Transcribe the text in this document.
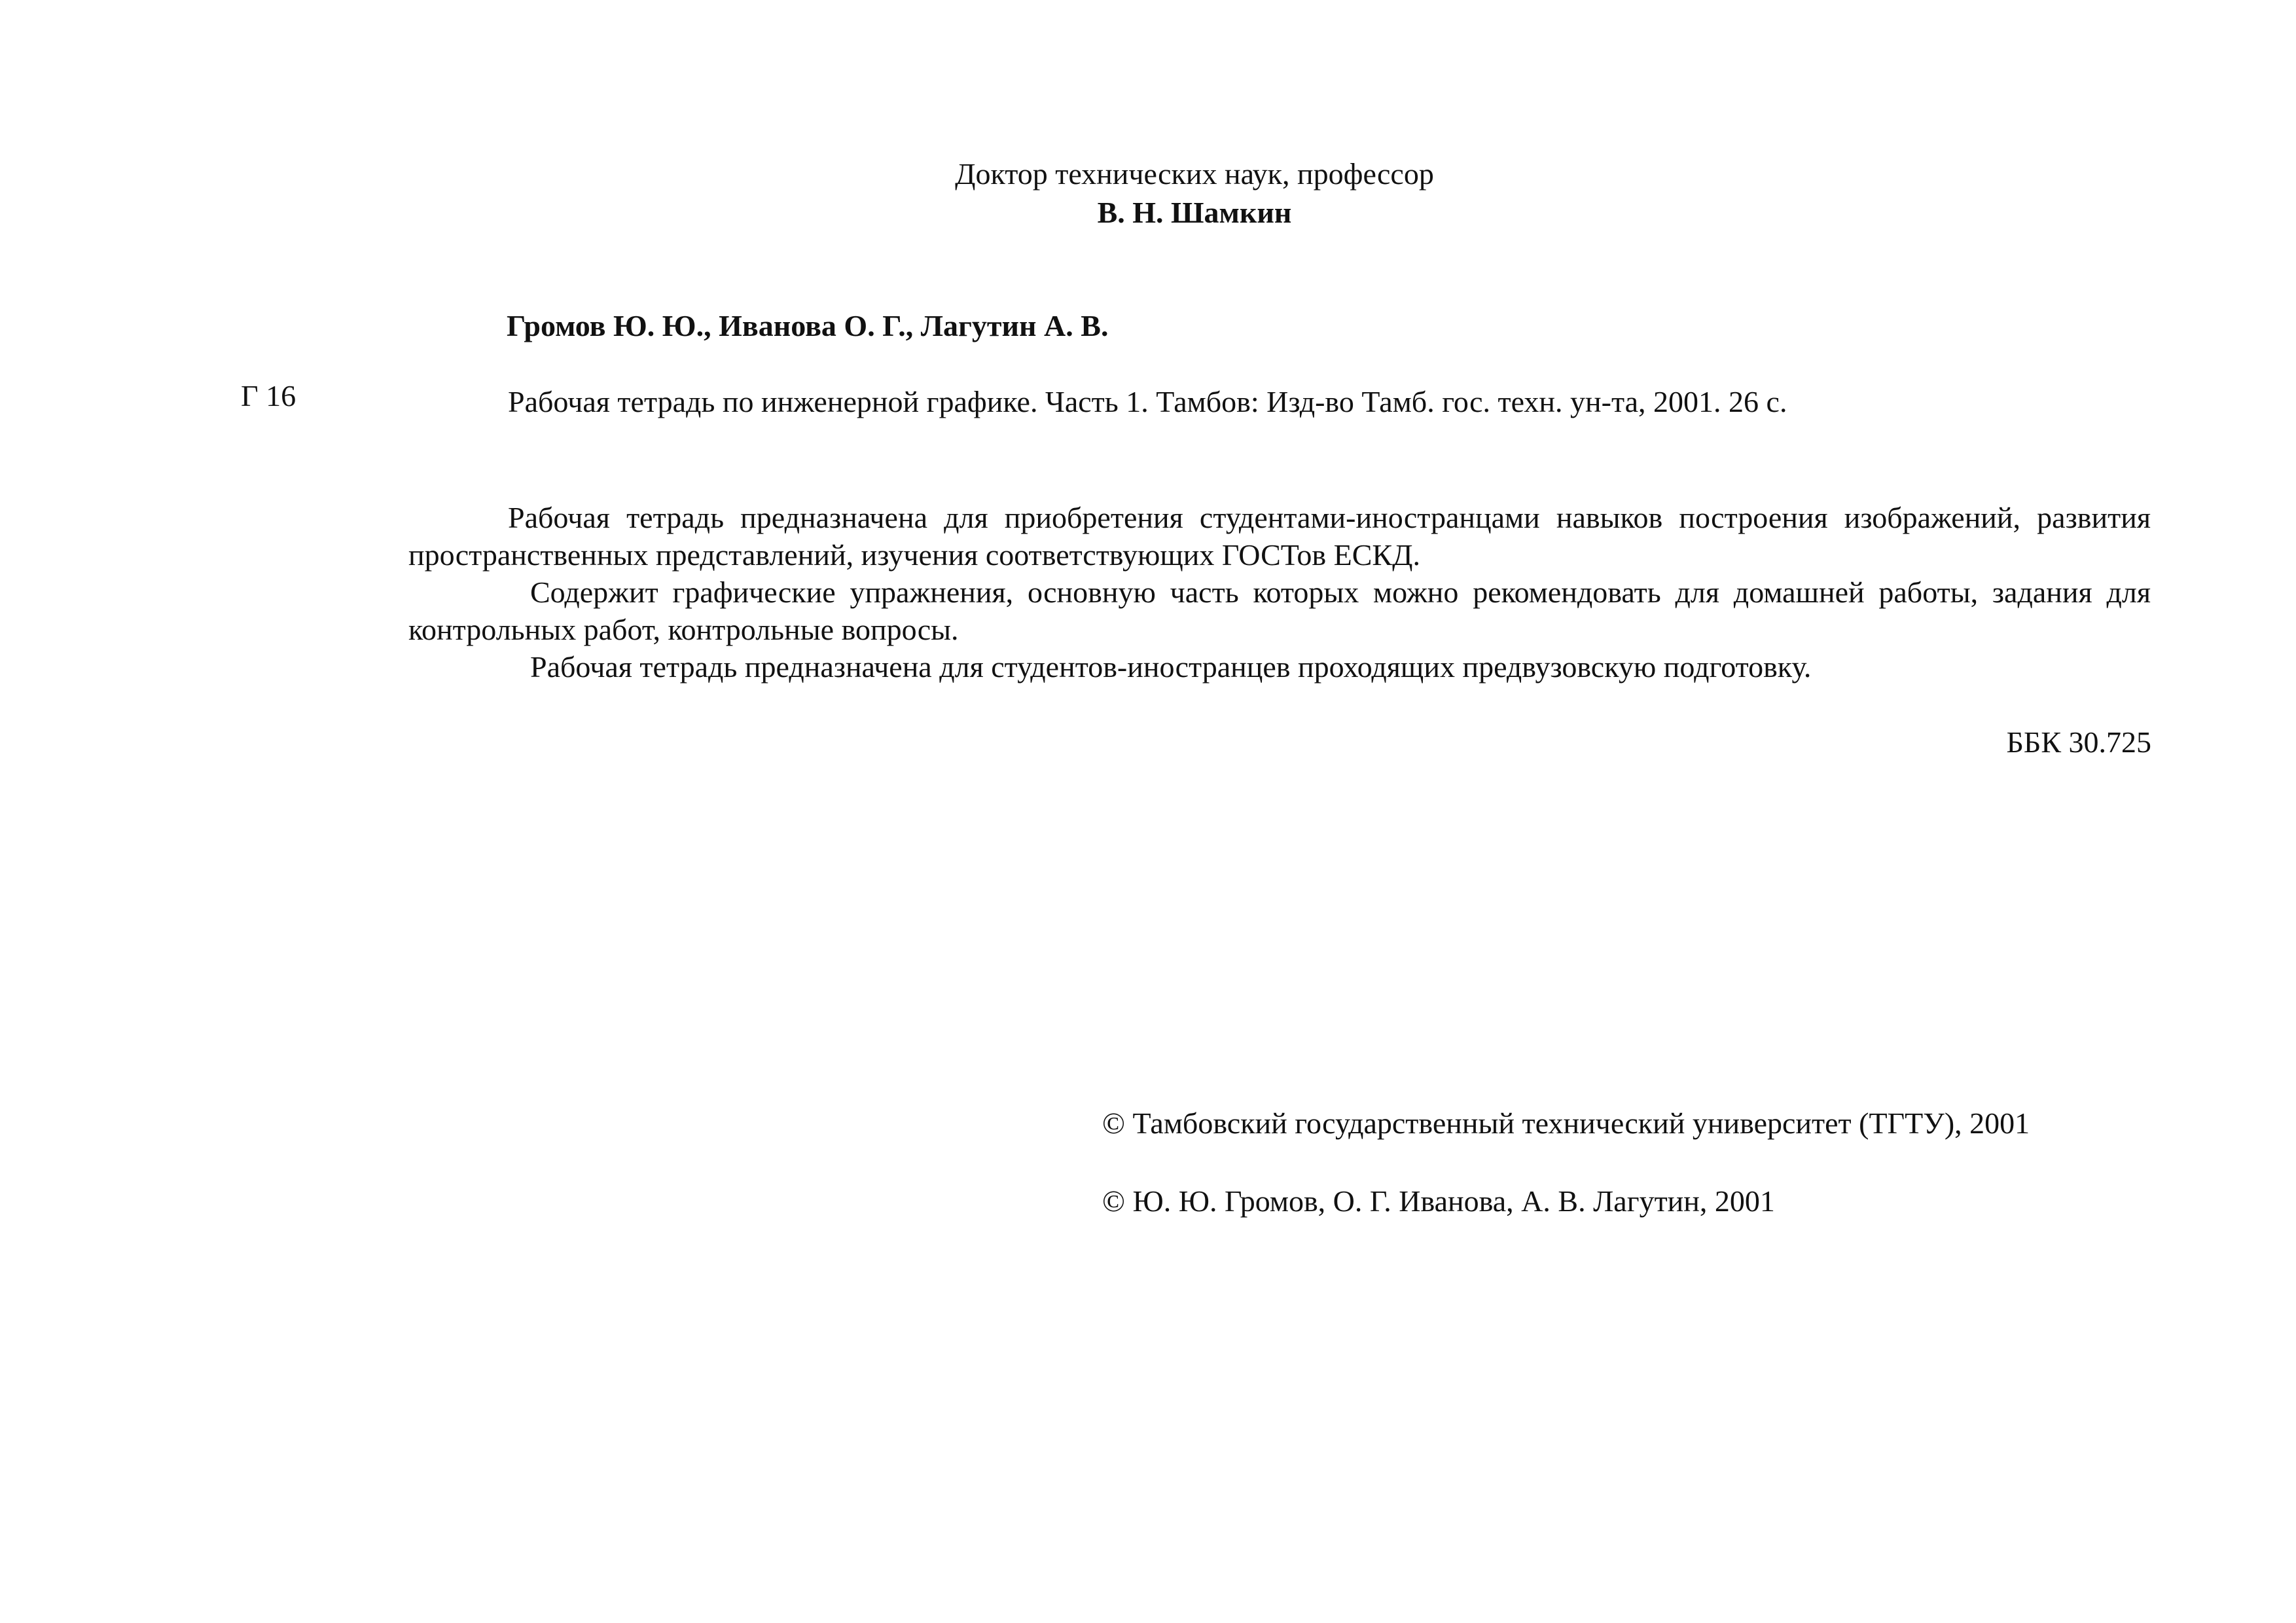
Доктор технических наук, профессор
В. Н. Шамкин
Громов Ю. Ю., Иванова О. Г., Лагутин А. В.
Г 16	Рабочая тетрадь по инженерной графике. Часть 1. Тамбов: Изд-во Тамб. гос. техн. ун-та, 2001. 26 с.

Рабочая тетрадь предназначена для приобретения студентами-иностранцами навыков построения изображений, развития пространственных представлений, изучения соответствующих ГОСТов ЕСКД.

Содержит графические упражнения, основную часть которых можно рекомендовать для домашней работы, задания для контрольных работ, контрольные вопросы.

Рабочая тетрадь предназначена для студентов-иностранцев проходящих предвузовскую подготовку.

ББК 30.725
© Тамбовский государственный технический университет (ТГТУ), 2001
© Ю. Ю. Громов, О. Г. Иванова, А. В. Лагутин, 2001
